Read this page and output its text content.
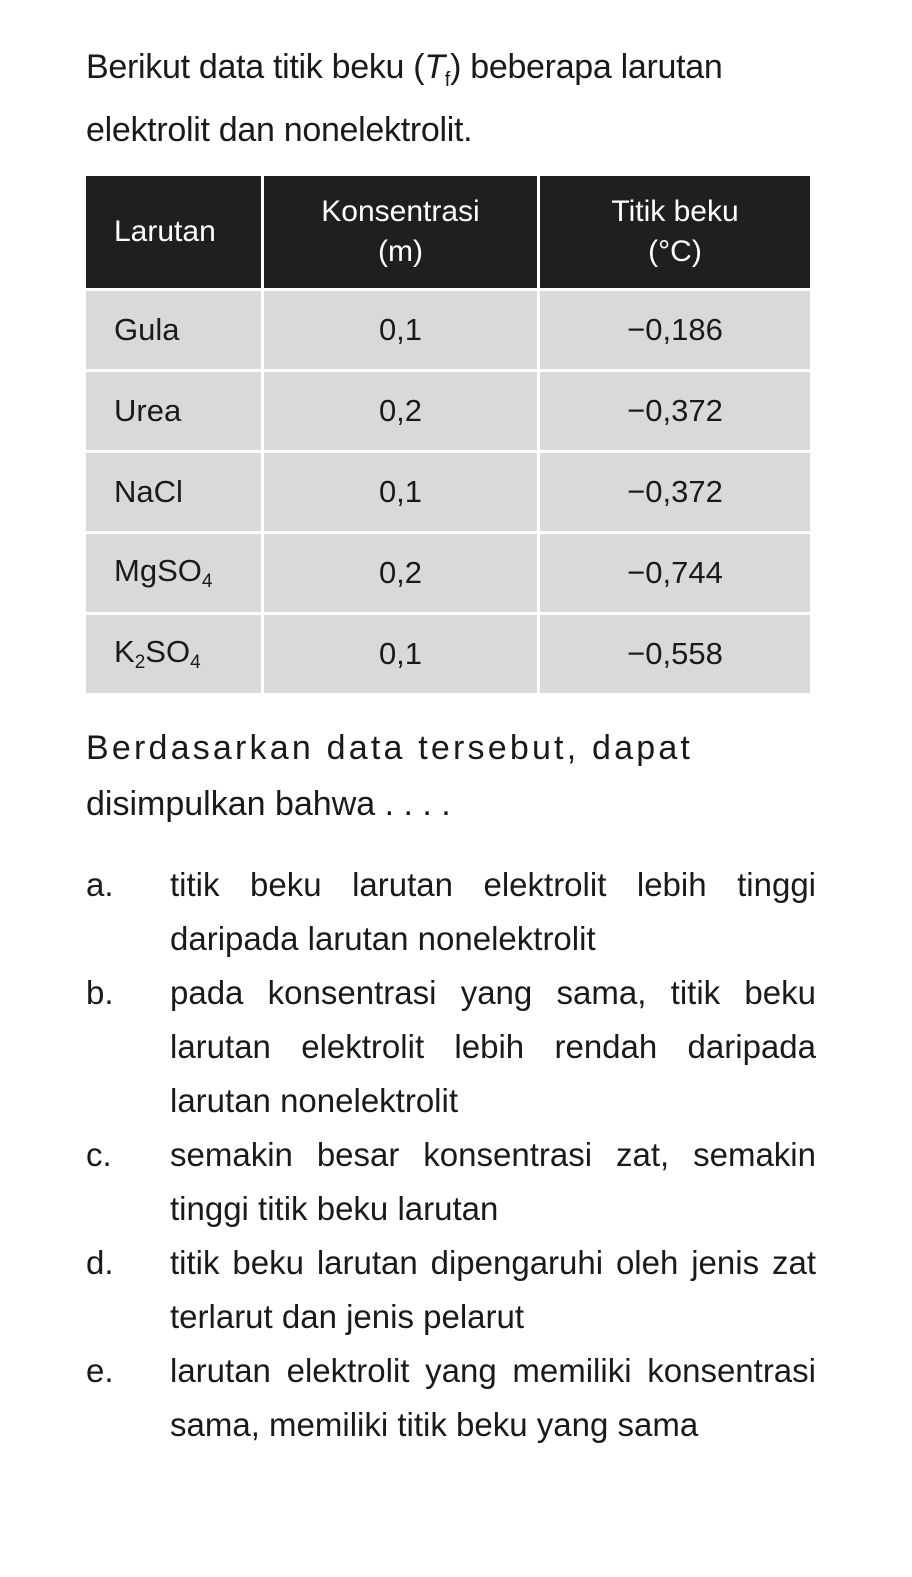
Berikut data titik beku $(T_f)$ beberapa larutan elektrolit dan nonelektrolit.
Larutan	Konsentrasi (m)	Titik beku (°C)

Gula	0,1	−0,186
Urea	0,2	−0,372
NaCl	0,1	−0,372
MgSO$_4$	0,2	−0,744
$K_2SO_4$	0,1	−0,558
Berdasarkan data tersebut, dapat
disimpulkan bahwa . . . .
a. titik beku larutan elektrolit lebih tinggi daripada larutan nonelektrolit
b. pada konsentrasi yang sama, titik beku larutan elektrolit lebih rendah daripada larutan nonelektrolit
c. semakin besar konsentrasi zat, semakin tinggi titik beku larutan
d. titik beku larutan dipengaruhi oleh jenis zat terlarut dan jenis pelarut
e. larutan elektrolit yang memiliki konsentrasi sama, memiliki titik beku yang sama
